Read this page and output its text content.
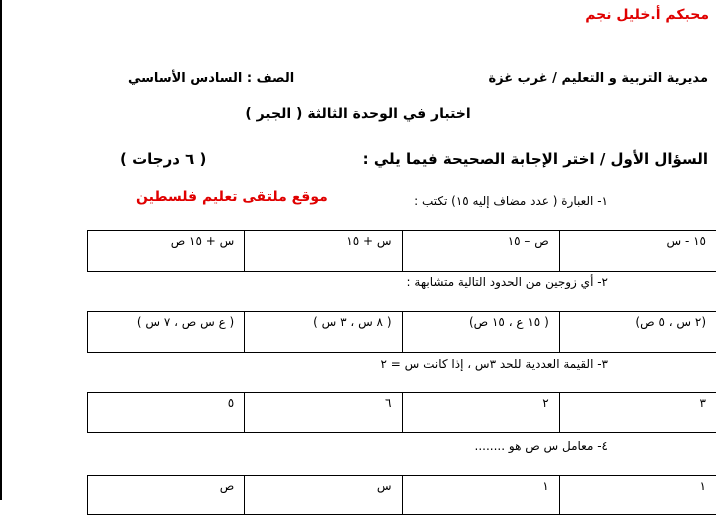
محبكم أ.خليل نجم
مديرية التربية و التعليم / غرب غزة
الصف : السادس الأساسي
اختبار في الوحدة الثالثة ( الجبر )
السؤال الأول / اختر الإجابة الصحيحة فيما يلي :
( ٦ درجات )
موقع ملتقى تعليم فلسطين	١- العبارة ( عدد مضاف إليه ١٥) تكتب :
١٥ - س	ص – ١٥	س + ١٥	س + ١٥ ص
٢- أي زوجين من الحدود التالية متشابهة :
(٢ س ، ٥ ص)	( ١٥ ع ، ١٥ ص)	( ٨ س ، ٣ س )	( ع س ص ، ٧ س )
٣- القيمة العددية للحد ٣س ، إذا كانت س = ٢
٣	٢	٦	٥
٤- معامل س ص هو ........
١	١	س	ص
